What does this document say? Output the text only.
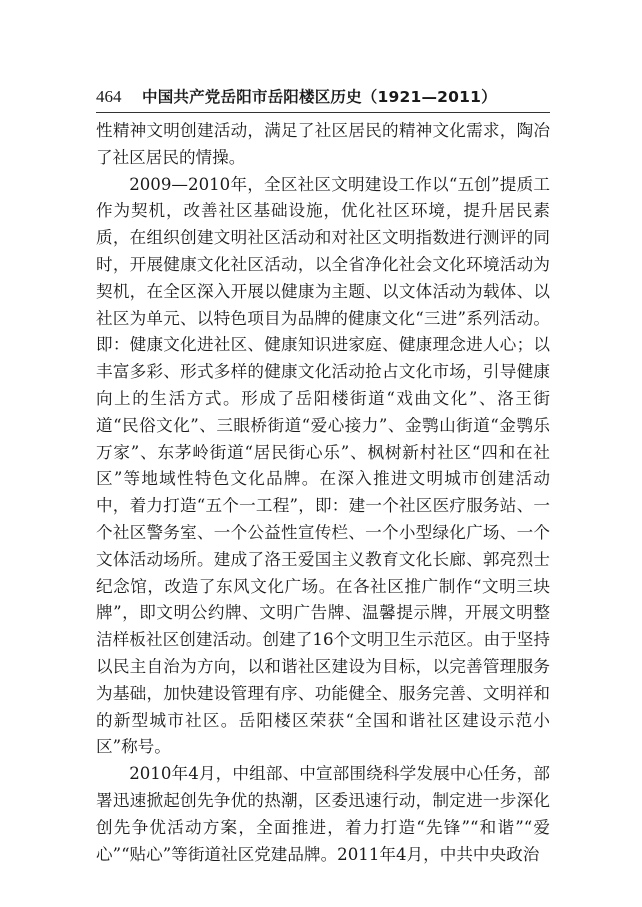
464 中国共产党岳阳市岳阳楼区历史（1921—2011）

性精神文明创建活动，满足了社区居民的精神文化需求，陶冶了社区居民的情操。

2009—2010年，全区社区文明建设工作以“五创”提质工作为契机，改善社区基础设施，优化社区环境，提升居民素质，在组织创建文明社区活动和对社区文明指数进行测评的同时，开展健康文化社区活动，以全省净化社会文化环境活动为契机，在全区深入开展以健康为主题、以文体活动为载体、以社区为单元、以特色项目为品牌的健康文化“三进”系列活动。即：健康文化进社区、健康知识进家庭、健康理念进人心；以丰富多彩、形式多样的健康文化活动抢占文化市场，引导健康向上的生活方式。形成了岳阳楼街道“戏曲文化”、洛王街道“民俗文化”、三眼桥街道“爱心接力”、金鹗山街道“金鹗乐万家”、东茅岭街道“居民街心乐”、枫树新村社区“四和在社区”等地域性特色文化品牌。在深入推进文明城市创建活动中，着力打造“五个一工程”，即：建一个社区医疗服务站、一个社区警务室、一个公益性宣传栏、一个小型绿化广场、一个文体活动场所。建成了洛王爱国主义教育文化长廊、郭亮烈士纪念馆，改造了东风文化广场。在各社区推广制作“文明三块牌”，即文明公约牌、文明广告牌、温馨提示牌，开展文明整洁样板社区创建活动。创建了16个文明卫生示范区。由于坚持以民主自治为方向，以和谐社区建设为目标，以完善管理服务为基础，加快建设管理有序、功能健全、服务完善、文明祥和的新型城市社区。岳阳楼区荣获“全国和谐社区建设示范小区”称号。

2010年4月，中组部、中宣部围绕科学发展中心任务，部署迅速掀起创先争优的热潮，区委迅速行动，制定进一步深化创先争优活动方案，全面推进，着力打造“先锋”“和谐”“爱心”“贴心”等街道社区党建品牌。2011年4月，中共中央政治
